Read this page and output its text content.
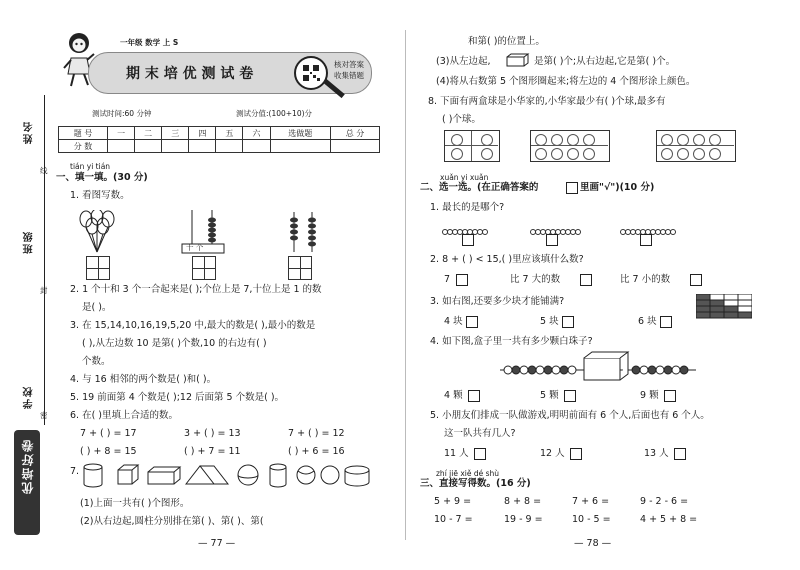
姓名
班级
学校
线
封
密
优培好卷
一年级 数学 上 S
期 末 培 优 测 试 卷
核对答案
收集错题
测试时间:60 分钟	测试分值:(100+10)分
题 号	一	二	三	四	五	六	选做题	总 分
分 数								
tián yi tián
一、填一填。(30 分)
1. 看图写数。
十 个
2. 1 个十和 3 个一合起来是( );个位上是 7,十位上是 1 的数
是( )。
3. 在 15,14,10,16,19,5,20 中,最大的数是( ),最小的数是
( ),从左边数 10 是第( )个数,10 的右边有( )
个数。
4. 与 16 相邻的两个数是( )和( )。
5. 19 前面第 4 个数是( );12 后面第 5 个数是( )。
6. 在( )里填上合适的数。
7 + ( ) = 17	3 + ( ) = 13	7 + ( ) = 12
( ) + 8 = 15	( ) + 7 = 11	( ) + 6 = 16
7.
(1)上面一共有( )个图形。
(2)从右边起,圆柱分别排在第( )、第( )、第(
— 77 —
和第( )的位置上。
(3)从左边起,	是第( )个;从右边起,它是第( )个。
(4)将从右数第 5 个图形圈起来;将左边的 4 个图形涂上颜色。
8. 下面有两盒球是小华家的,小华家最少有( )个球,最多有
( )个球。
xuǎn yi xuǎn
二、选一选。(在正确答案的	里画"√")(10 分)
1. 最长的是哪个?
2. 8 + ( ) < 15,( )里应该填什么数?
7	比 7 大的数	比 7 小的数
3. 如右图,还要多少块才能铺满?
4 块	5 块	6 块
4. 如下图,盒子里一共有多少颗白珠子?
4 颗	5 颗	9 颗
5. 小朋友们排成一队做游戏,明明前面有 6 个人,后面也有 6 个人。
这一队共有几人?
11 人	12 人	13 人
zhí jiē xiě dé shù
三、直接写得数。(16 分)
5 + 9 =	8 + 8 =	7 + 6 =	9 - 2 - 6 =
10 - 7 =	19 - 9 =	10 - 5 =	4 + 5 + 8 =
— 78 —
